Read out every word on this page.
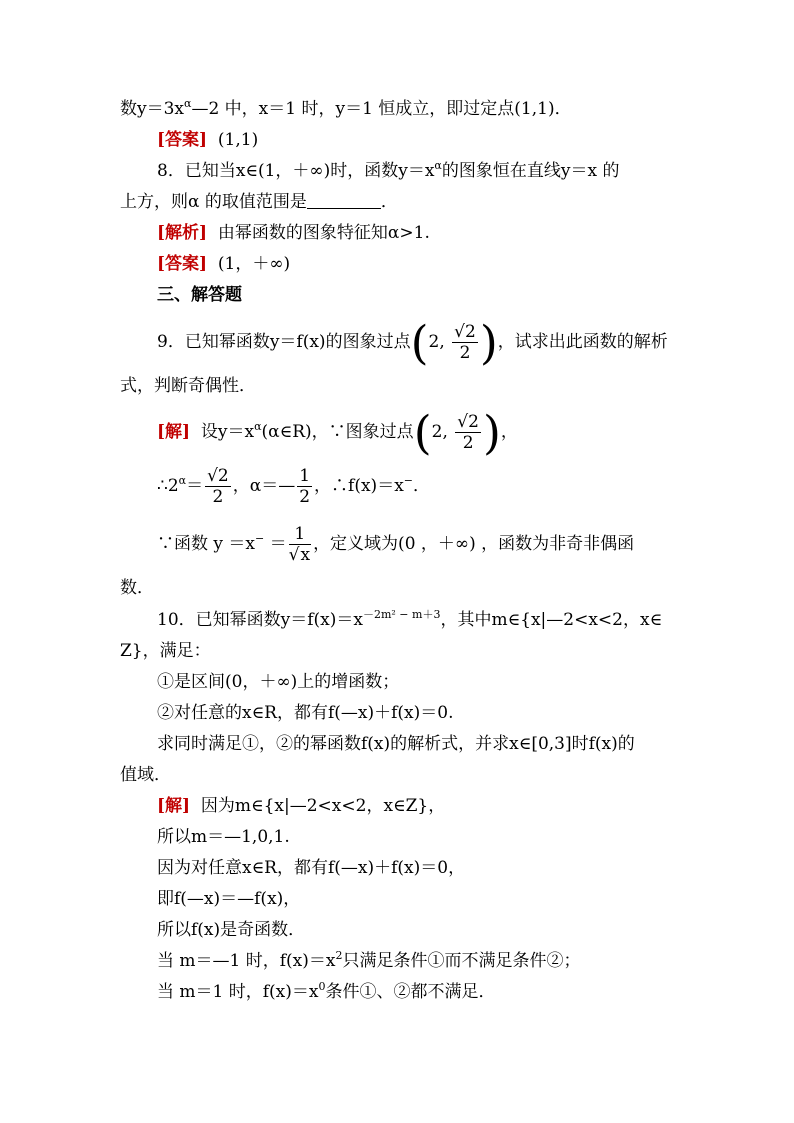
数$y=3x^\alpha—2$ 中，x＝1 时，y＝1 恒成立，即过定点(1,1)．
[答案] (1,1)
8．已知当x∈(1，＋∞)时，函数$y=x^\alpha$的图象恒在直线y＝x 的
上方，则α 的取值范围是	．
[解析] 由幂函数的图象特征知α>1.
[答案] (1，＋∞)
三、解答题
9．已知幂函数y＝f(x)的图象过点(2, $\frac{√2}{2}$ )，试求出此函数的解析
式，判断奇偶性．
[解] 设$y=x^\alpha(\alpha\in R)$，∵图象过点(2, $\frac{√2}{2}$ )，
$\therefore 2^\alpha= \frac{√2}{2}$ ，α＝— $\frac{1}{2}$ ，∴f(x)＝x−．
∵函数 $y =x^- = \frac{1}{√x}$ ，定义域为(0 ，＋∞) ，函数为非奇非偶函
数．
10．已知幂函数$y=f(x)=x^{-2m^2 - m+3}$，其中m∈{x|—2<x<2，x∈
Z}，满足：
①是区间(0，＋∞)上的增函数；
②对任意的x∈R，都有f(—x)＋f(x)＝0.
求同时满足①，②的幂函数f(x)的解析式，并求x∈[0,3]时f(x)的
值域．
[解] 因为m∈{x|—2<x<2，x∈Z}，
所以m＝—1,0,1.
因为对任意x∈R，都有f(—x)＋f(x)＝0，
即f(—x)＝—f(x)，
所以f(x)是奇函数．
当 m＝—1 时，$f(x)=x^2$只满足条件①而不满足条件②；
当 m＝1 时，$f(x)=x^0$条件①、②都不满足．
